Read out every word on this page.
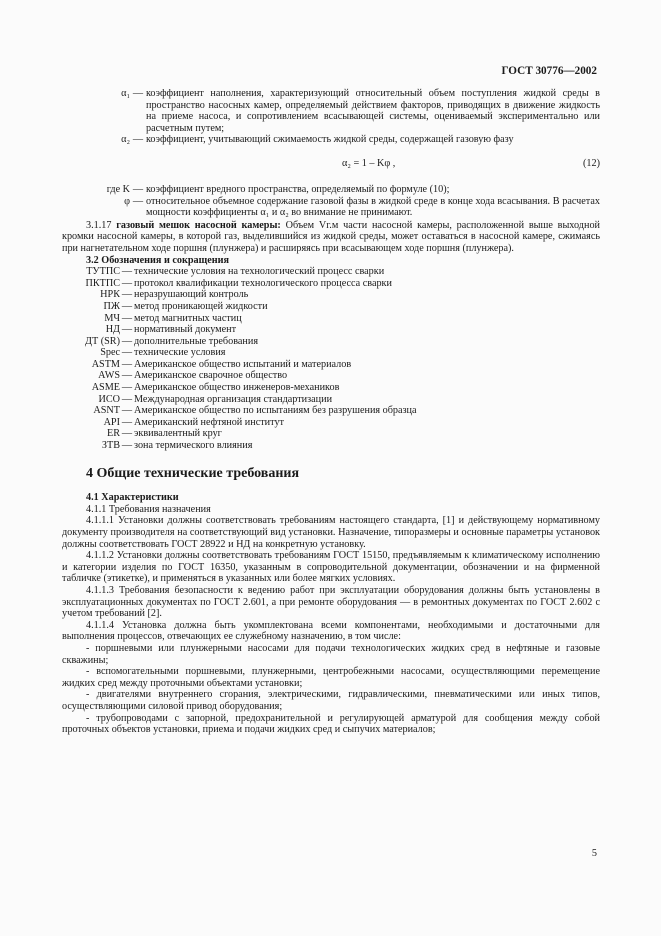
ГОСТ 30776—2002
α₁ — коэффициент наполнения, характеризующий относительный объем поступления жидкой среды в пространство насосных камер, определяемый действием факторов, приводящих в движение жидкость на приеме насоса, и сопротивлением всасывающей системы, оцениваемый экспериментально или расчетным путем;
α₂ — коэффициент, учитывающий сжимаемость жидкой среды, содержащей газовую фазу
α₂ = 1 – Kφ ,	(12)
где K — коэффициент вредного пространства, определяемый по формуле (10);
φ — относительное объемное содержание газовой фазы в жидкой среде в конце хода всасывания. В расчетах мощности коэффициенты α₁ и α₂ во внимание не принимают.
3.1.17 газовый мешок насосной камеры: Объем Vг.м части насосной камеры, расположенной выше выходной кромки насосной камеры, в которой газ, выделившийся из жидкой среды, может оставаться в насосной камере, сжимаясь при нагнетательном ходе поршня (плунжера) и расширяясь при всасывающем ходе поршня (плунжера).
3.2 Обозначения и сокращения
ТУТПС — технические условия на технологический процесс сварки
ПКТПС — протокол квалификации технологического процесса сварки
НРК — неразрушающий контроль
ПЖ — метод проникающей жидкости
МЧ — метод магнитных частиц
НД — нормативный документ
ДТ (SR) — дополнительные требования
Spec — технические условия
ASTM — Американское общество испытаний и материалов
AWS — Американское сварочное общество
ASME — Американское общество инженеров-механиков
ИСО — Международная организация стандартизации
ASNT — Американское общество по испытаниям без разрушения образца
API — Американский нефтяной институт
ER — эквивалентный круг
ЗТВ — зона термического влияния
4 Общие технические требования
4.1 Характеристики
4.1.1 Требования назначения
4.1.1.1 Установки должны соответствовать требованиям настоящего стандарта, [1] и действующему нормативному документу производителя на соответствующий вид установки. Назначение, типоразмеры и основные параметры установок должны соответствовать ГОСТ 28922 и НД на конкретную установку.
4.1.1.2 Установки должны соответствовать требованиям ГОСТ 15150, предъявляемым к климатическому исполнению и категории изделия по ГОСТ 16350, указанным в сопроводительной документации, обозначении и на фирменной табличке (этикетке), и применяться в указанных или более мягких условиях.
4.1.1.3 Требования безопасности к ведению работ при эксплуатации оборудования должны быть установлены в эксплуатационных документах по ГОСТ 2.601, а при ремонте оборудования — в ремонтных документах по ГОСТ 2.602 с учетом требований [2].
4.1.1.4 Установка должна быть укомплектована всеми компонентами, необходимыми и достаточными для выполнения процессов, отвечающих ее служебному назначению, в том числе:
- поршневыми или плунжерными насосами для подачи технологических жидких сред в нефтяные и газовые скважины;
- вспомогательными поршневыми, плунжерными, центробежными насосами, осуществляющими перемещение жидких сред между проточными объектами установки;
- двигателями внутреннего сгорания, электрическими, гидравлическими, пневматическими или иных типов, осуществляющими силовой привод оборудования;
- трубопроводами с запорной, предохранительной и регулирующей арматурой для сообщения между собой проточных объектов установки, приема и подачи жидких сред и сыпучих материалов;
5
